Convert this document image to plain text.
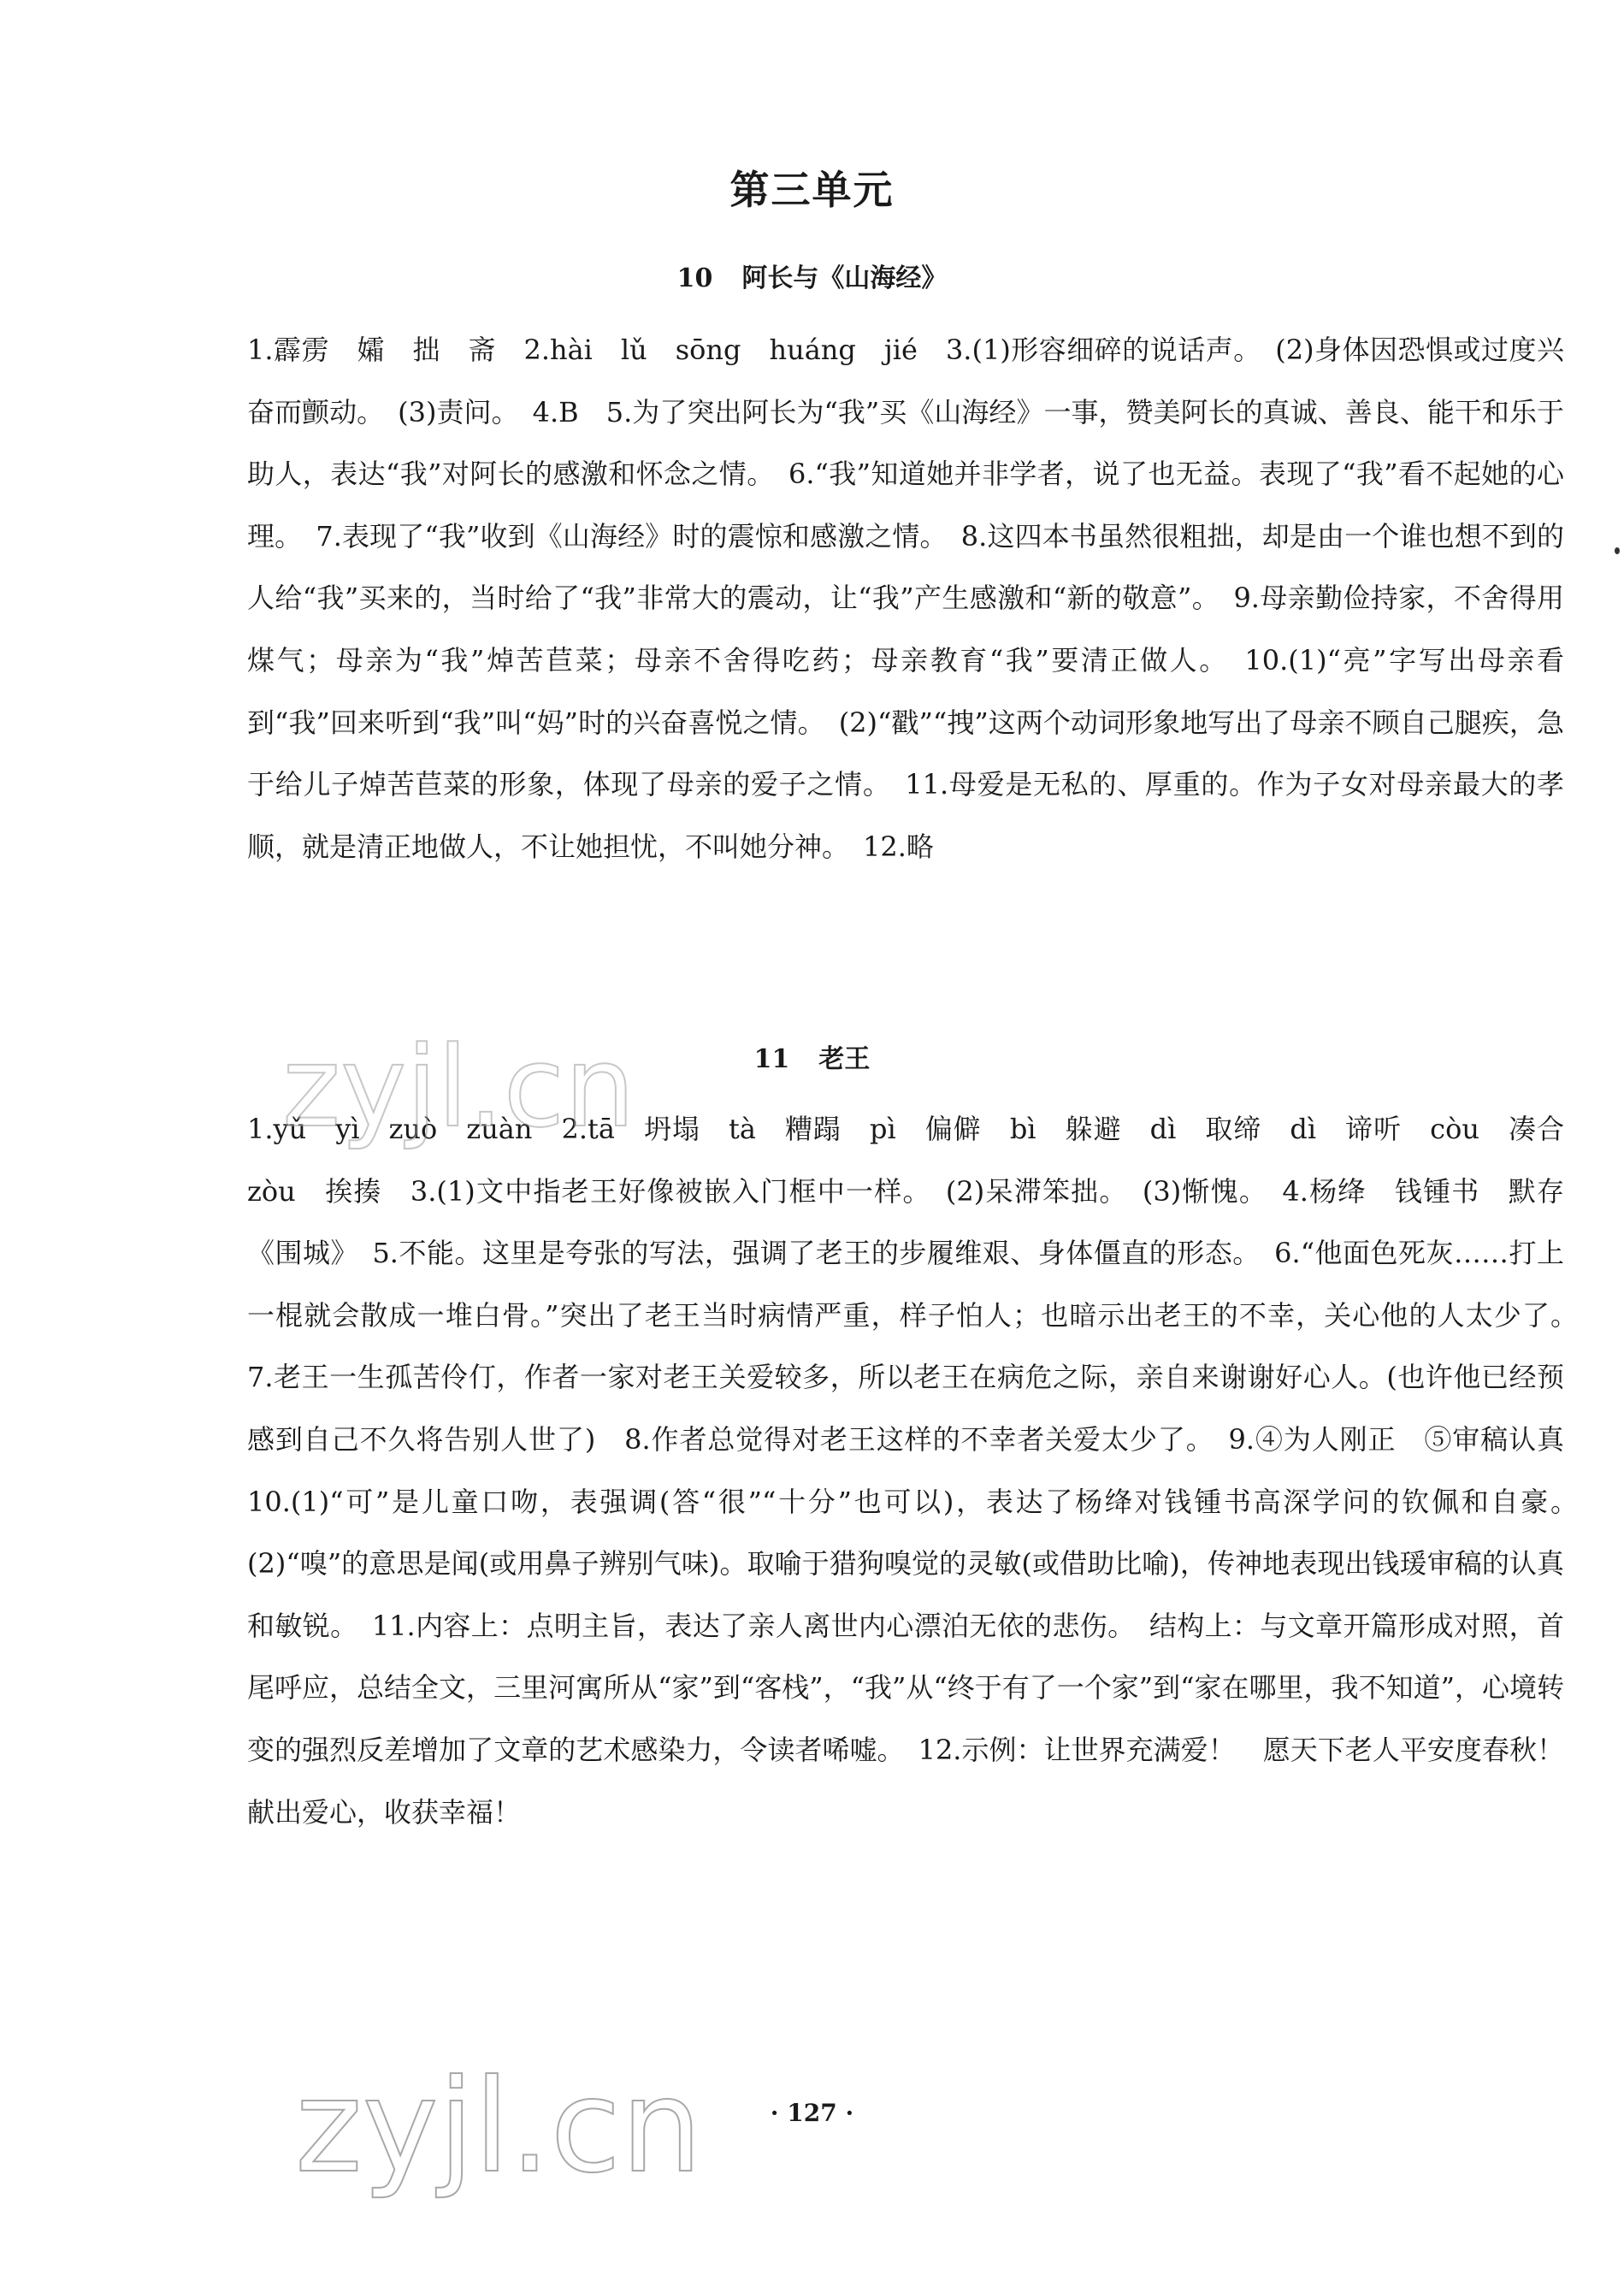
第三单元
10 阿长与《山海经》

1.霹雳　孀　拙　斋　2.hài　lǔ　sōng　huáng　jié　3.(1)形容细碎的说话声。　(2)身体因恐惧或过度兴奋而颤动。　(3)责问。　4.B　5.为了突出阿长为“我”买《山海经》一事，赞美阿长的真诚、善良、能干和乐于助人，表达“我”对阿长的感激和怀念之情。　6.“我”知道她并非学者，说了也无益。表现了“我”看不起她的心理。　7.表现了“我”收到《山海经》时的震惊和感激之情。　8.这四本书虽然很粗拙，却是由一个谁也想不到的人给“我”买来的，当时给了“我”非常大的震动，让“我”产生感激和“新的敬意”。　9.母亲勤俭持家，不舍得用煤气；母亲为“我”焯苦苣菜；母亲不舍得吃药；母亲教育“我”要清正做人。　10.(1)“亮”字写出母亲看到“我”回来听到“我”叫“妈”时的兴奋喜悦之情。　(2)“戳”“拽”这两个动词形象地写出了母亲不顾自己腿疾，急于给儿子焯苦苣菜的形象，体现了母亲的爱子之情。　11.母爱是无私的、厚重的。作为子女对母亲最大的孝顺，就是清正地做人，不让她担忧，不叫她分神。　12.略

11 老王

1.yǔ　yì　zuò　zuàn　2.tā　坍塌　tà　糟蹋　pì　偏僻　bì　躲避　dì　取缔　dì　谛听　còu　凑合　zòu　挨揍　3.(1)文中指老王好像被嵌入门框中一样。　(2)呆滞笨拙。　(3)惭愧。　4.杨绛　钱锺书　默存　《围城》　5.不能。这里是夸张的写法，强调了老王的步履维艰、身体僵直的形态。　6.“他面色死灰……打上一棍就会散成一堆白骨。”突出了老王当时病情严重，样子怕人；也暗示出老王的不幸，关心他的人太少了。　7.老王一生孤苦伶仃，作者一家对老王关爱较多，所以老王在病危之际，亲自来谢谢好心人。(也许他已经预感到自己不久将告别人世了)　8.作者总觉得对老王这样的不幸者关爱太少了。　9.④为人刚正　⑤审稿认真　10.(1)“可”是儿童口吻，表强调(答“很”“十分”也可以)，表达了杨绛对钱锺书高深学问的钦佩和自豪。　(2)“嗅”的意思是闻(或用鼻子辨别气味)。取喻于猎狗嗅觉的灵敏(或借助比喻)，传神地表现出钱瑗审稿的认真和敏锐。　11.内容上：点明主旨，表达了亲人离世内心漂泊无依的悲伤。　结构上：与文章开篇形成对照，首尾呼应，总结全文，三里河寓所从“家”到“客栈”，“我”从“终于有了一个家”到“家在哪里，我不知道”，心境转变的强烈反差增加了文章的艺术感染力，令读者唏嘘。　12.示例：让世界充满爱！　愿天下老人平安度春秋！　献出爱心，收获幸福！

· 127 ·
zyjl.cn
zyjl.cn
